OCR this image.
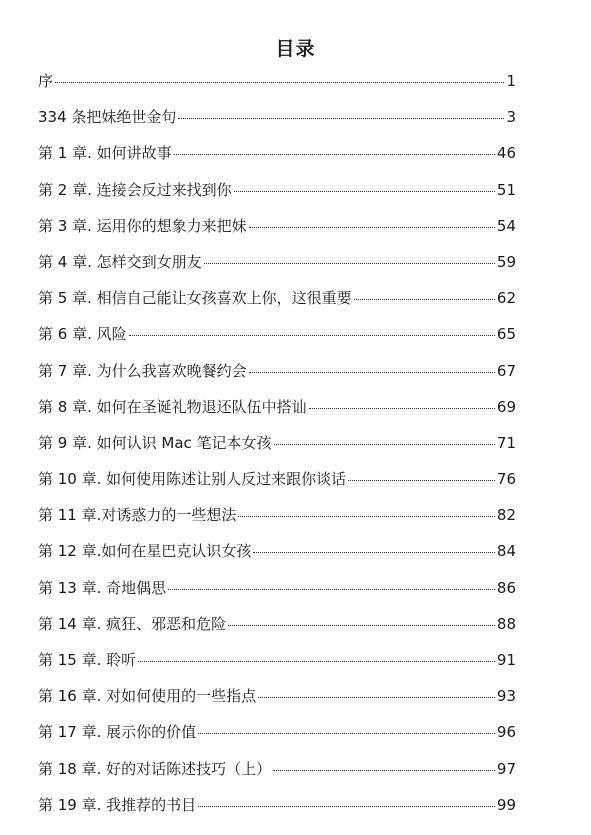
目录
序	1
334 条把妹绝世金句	3
第 1 章. 如何讲故事	46
第 2 章. 连接会反过来找到你	51
第 3 章. 运用你的想象力来把妹	54
第 4 章. 怎样交到女朋友	59
第 5 章. 相信自己能让女孩喜欢上你，这很重要	62
第 6 章. 风险	65
第 7 章. 为什么我喜欢晚餐约会	67
第 8 章. 如何在圣诞礼物退还队伍中搭讪	69
第 9 章. 如何认识 Mac 笔记本女孩	71
第 10 章. 如何使用陈述让别人反过来跟你谈话	76
第 11 章.对诱惑力的一些想法	82
第 12 章.如何在星巴克认识女孩	84
第 13 章. 奇地偶思	86
第 14 章. 疯狂、邪恶和危险	88
第 15 章. 聆听	91
第 16 章. 对如何使用的一些指点	93
第 17 章. 展示你的价值	96
第 18 章. 好的对话陈述技巧（上）	97
第 19 章. 我推荐的书目	99
